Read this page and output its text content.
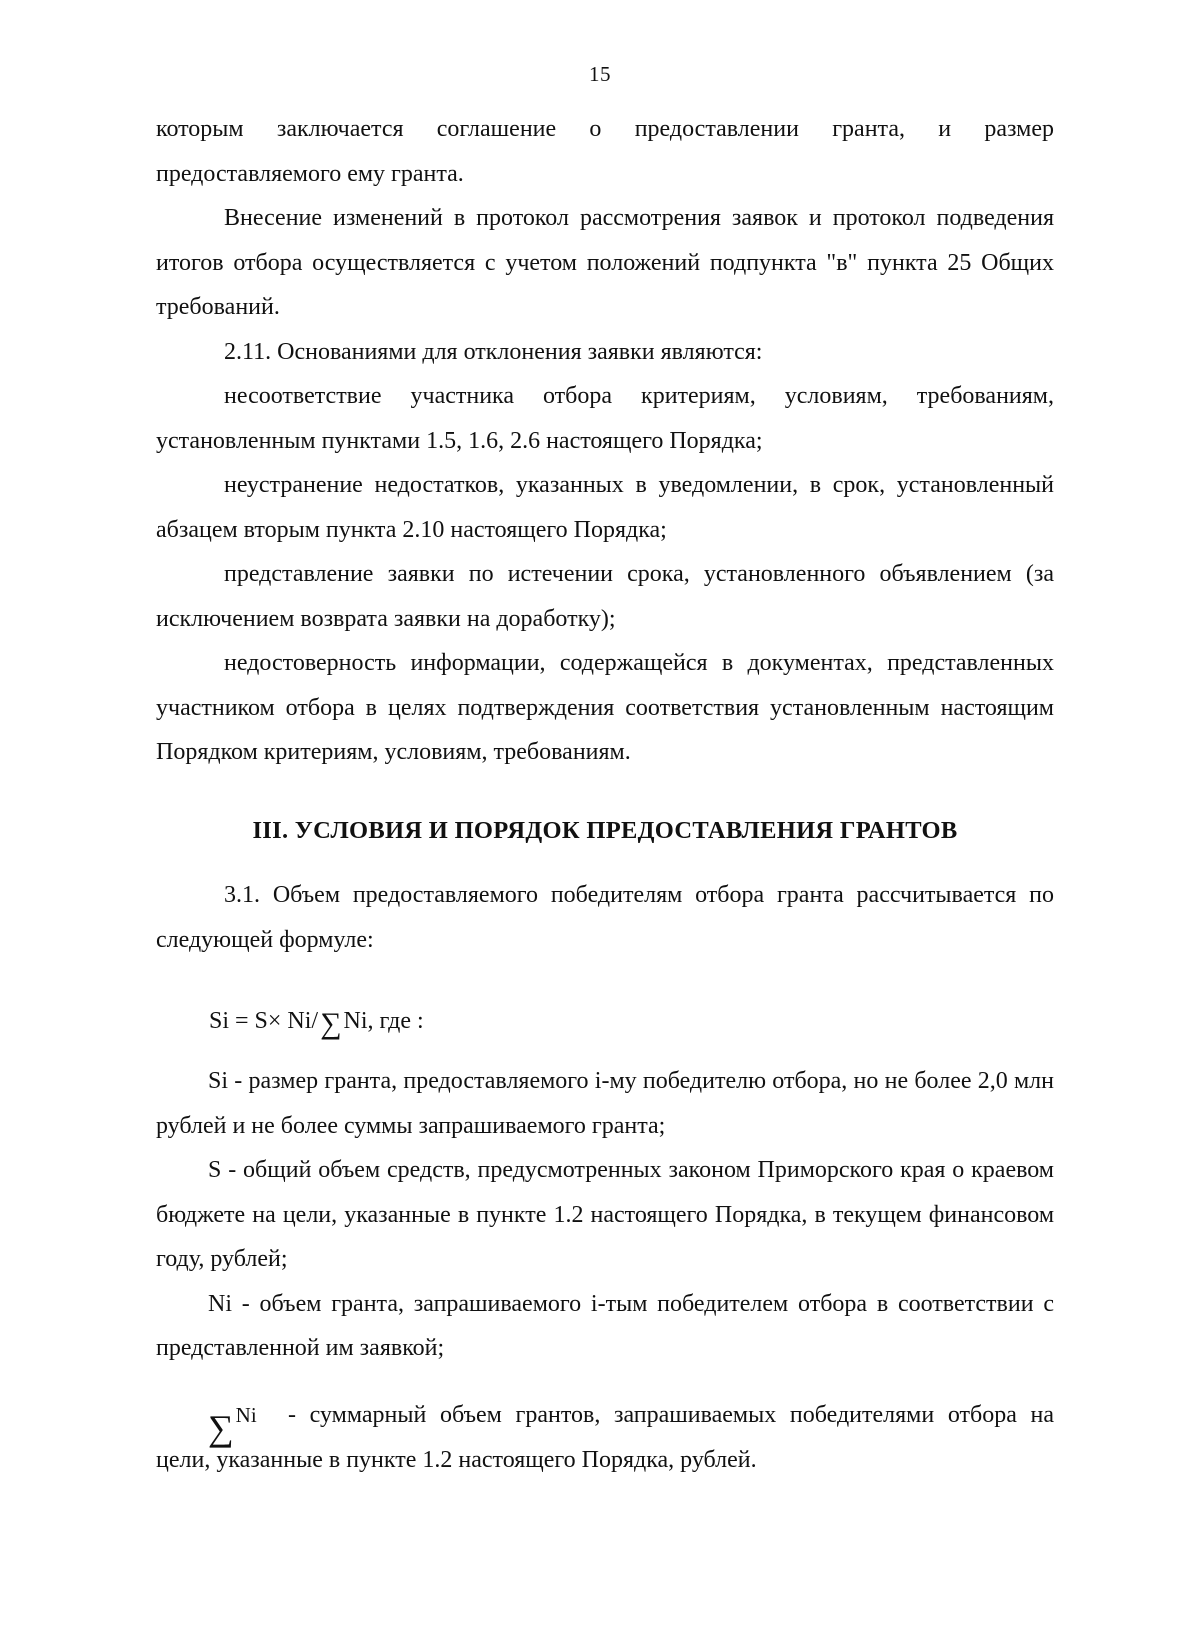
15

которым заключается соглашение о предоставлении гранта, и размер предоставляемого ему гранта.

Внесение изменений в протокол рассмотрения заявок и протокол подведения итогов отбора осуществляется с учетом положений подпункта "в" пункта 25 Общих требований.

2.11. Основаниями для отклонения заявки являются:

несоответствие участника отбора критериям, условиям, требованиям, установленным пунктами 1.5, 1.6, 2.6 настоящего Порядка;

неустранение недостатков, указанных в уведомлении, в срок, установленный абзацем вторым пункта 2.10 настоящего Порядка;

представление заявки по истечении срока, установленного объявлением (за исключением возврата заявки на доработку);

недостоверность информации, содержащейся в документах, представленных участником отбора в целях подтверждения соответствия установленным настоящим Порядком критериям, условиям, требованиям.

III. УСЛОВИЯ И ПОРЯДОК ПРЕДОСТАВЛЕНИЯ ГРАНТОВ

3.1. Объем предоставляемого победителям отбора гранта рассчитывается по следующей формуле:

Si = S× Ni/∑Ni, где :

Si - размер гранта, предоставляемого i-му победителю отбора, но не более 2,0 млн рублей и не более суммы запрашиваемого гранта;

S - общий объем средств, предусмотренных законом Приморского края о краевом бюджете на цели, указанные в пункте 1.2 настоящего Порядка, в текущем финансовом году, рублей;

Ni - объем гранта, запрашиваемого i-тым победителем отбора в соответствии с представленной им заявкой;

∑Ni	- суммарный объем грантов, запрашиваемых победителями отбора на цели, указанные в пункте 1.2 настоящего Порядка, рублей.
